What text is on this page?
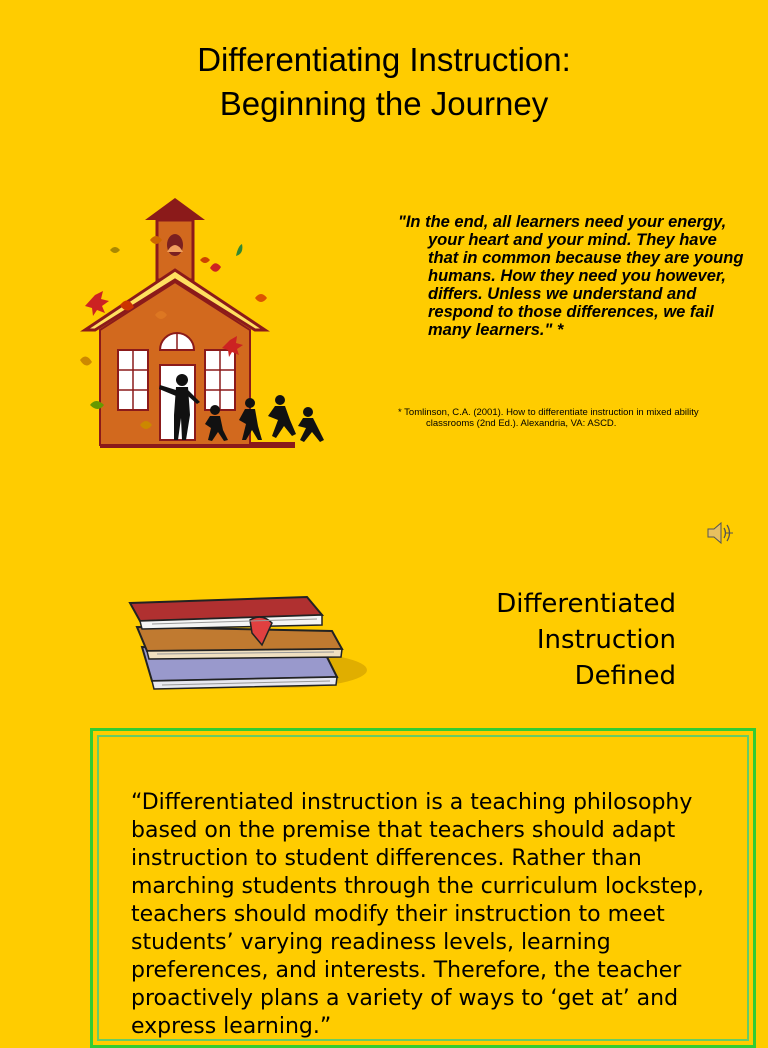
Differentiating Instruction:
Beginning the Journey
"In the end, all learners need your energy, your heart and your mind. They have that in common because they are young humans. How they need you however, differs. Unless we understand and respond to those differences, we fail many learners." *
* Tomlinson, C.A. (2001). How to differentiate instruction in mixed ability classrooms (2nd Ed.). Alexandria, VA: ASCD.
Differentiated
Instruction
Defined
“Differentiated instruction is a teaching philosophy based on the premise that teachers should adapt instruction to student differences. Rather than marching students through the curriculum lockstep, teachers should modify their instruction to meet students’ varying readiness levels, learning preferences, and interests. Therefore, the teacher proactively plans a variety of ways to ‘get at’ and express learning.”
